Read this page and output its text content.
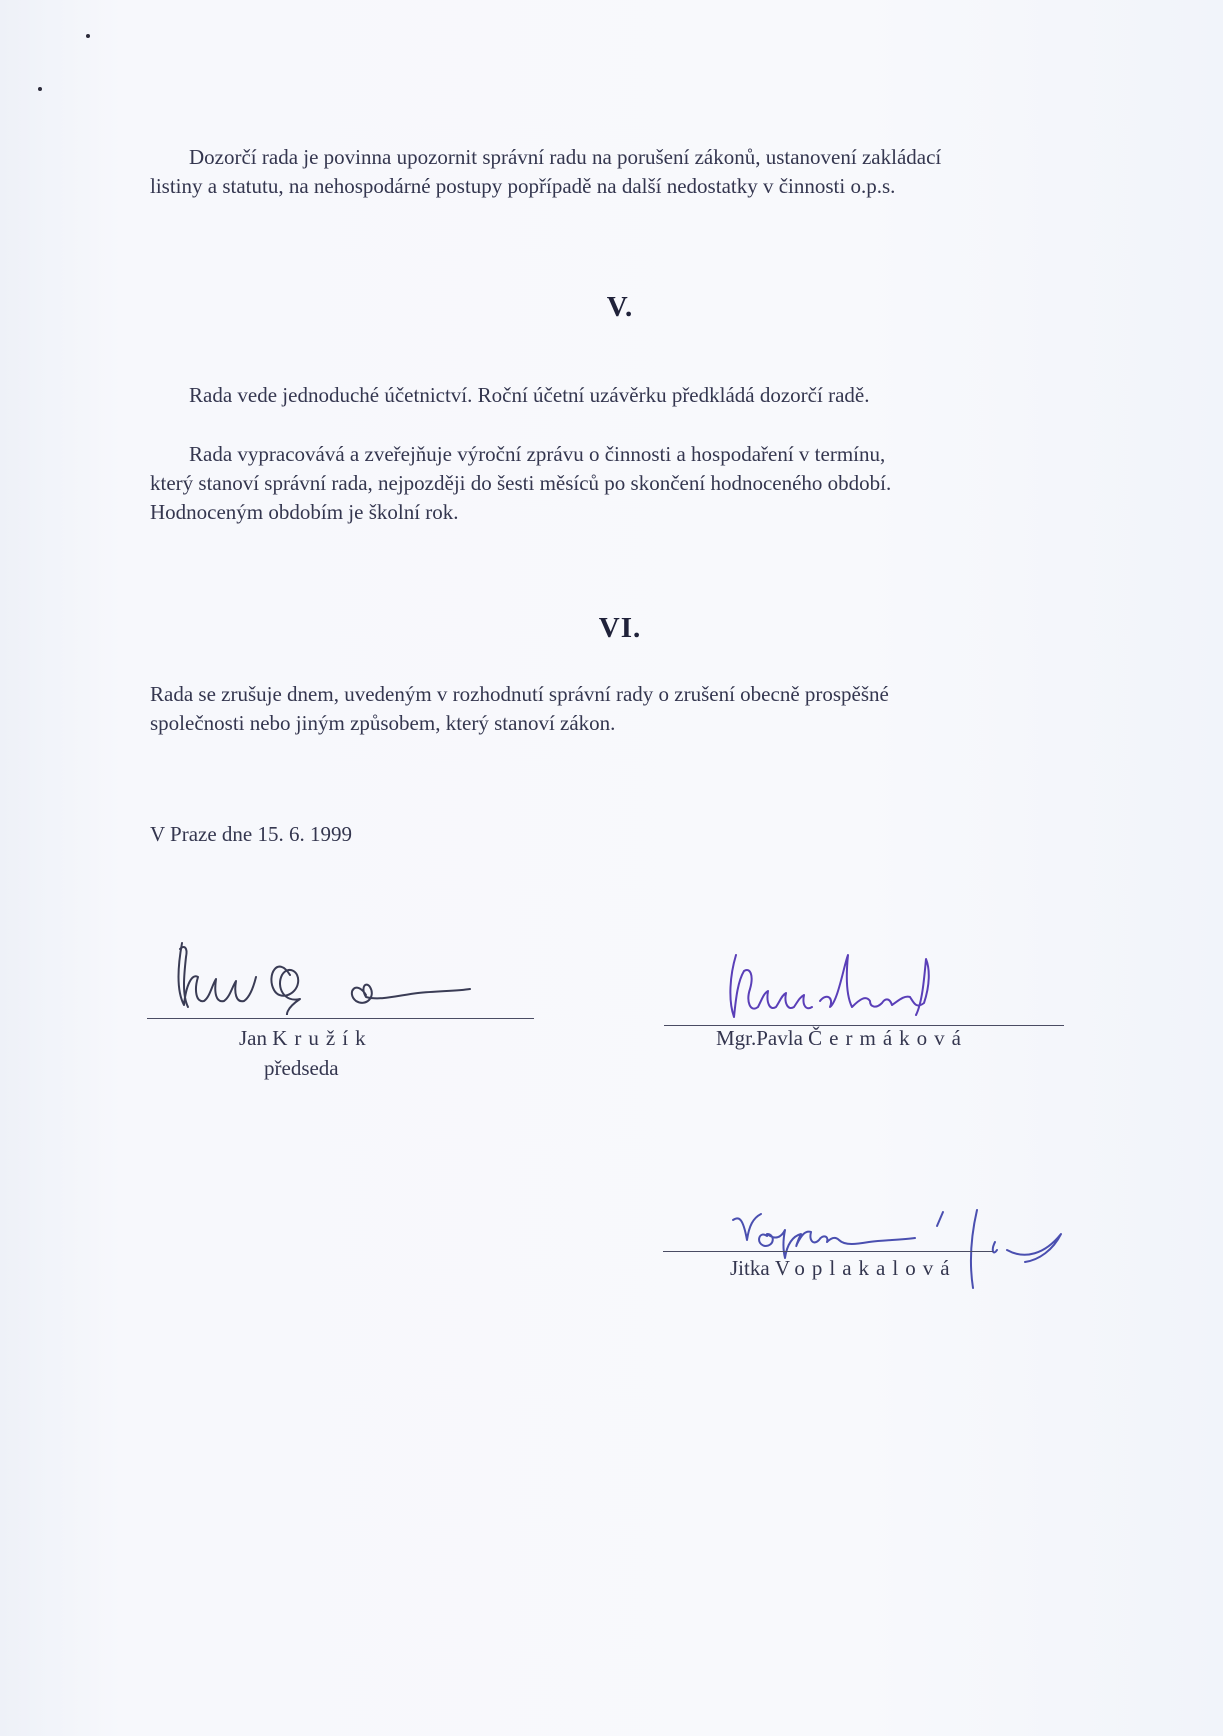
Dozorčí rada je povinna upozornit správní radu na porušení zákonů, ustanovení zakládací
listiny a statutu, na nehospodárné postupy popřípadě na další nedostatky v činnosti o.p.s.
V.
Rada vede jednoduché účetnictví. Roční účetní uzávěrku předkládá dozorčí radě.
Rada vypracovává a zveřejňuje výroční zprávu o činnosti a hospodaření v termínu,
který stanoví správní rada, nejpozději do šesti měsíců po skončení hodnoceného období.
Hodnoceným obdobím je školní rok.
VI.
Rada se zrušuje dnem, uvedeným v rozhodnutí správní rady o zrušení obecně prospěšné
společnosti nebo jiným způsobem, který stanoví zákon.
V Praze dne 15. 6. 1999
Jan Kružík
předseda
Mgr.Pavla Čermáková
Jitka Voplakalová
